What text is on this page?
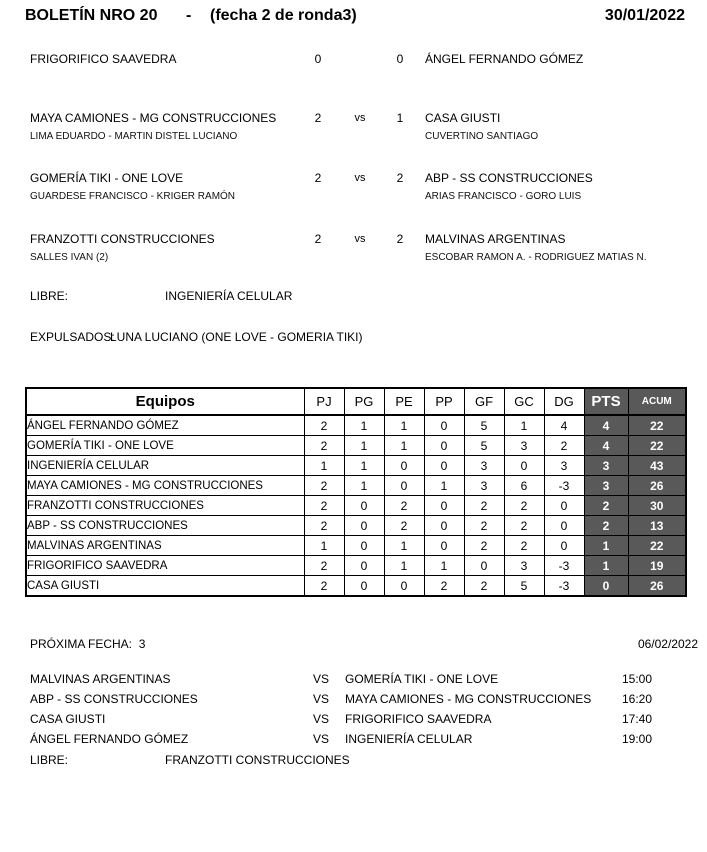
BOLETÍN NRO 20 - (fecha 2 de ronda3)	30/01/2022
FRIGORIFICO SAAVEDRA	0	0	ÁNGEL FERNANDO GÓMEZ
MAYA CAMIONES - MG CONSTRUCCIONES	2	vs	1	CASA GIUSTI
LIMA EDUARDO - MARTIN DISTEL LUCIANO	CUVERTINO SANTIAGO
GOMERÍA TIKI - ONE LOVE	2	vs	2	ABP - SS CONSTRUCCIONES
GUARDESE FRANCISCO - KRIGER RAMÓN	ARIAS FRANCISCO - GORO LUIS
FRANZOTTI CONSTRUCCIONES	2	vs	2	MALVINAS ARGENTINAS
SALLES IVAN (2)	ESCOBAR RAMON A. - RODRIGUEZ MATIAS N.
LIBRE:	INGENIERÍA CELULAR
EXPULSADOS:
LUNA LUCIANO (ONE LOVE - GOMERIA TIKI)
Equipos	PJ	PG	PE	PP	GF	GC	DG	PTS	ACUM
ÁNGEL FERNANDO GÓMEZ	2	1	1	0	5	1	4	4	22
GOMERÍA TIKI - ONE LOVE	2	1	1	0	5	3	2	4	22
INGENIERÍA CELULAR	1	1	0	0	3	0	3	3	43
MAYA CAMIONES - MG CONSTRUCCIONES	2	1	0	1	3	6	-3	3	26
FRANZOTTI CONSTRUCCIONES	2	0	2	0	2	2	0	2	30
ABP - SS CONSTRUCCIONES	2	0	2	0	2	2	0	2	13
MALVINAS ARGENTINAS	1	0	1	0	2	2	0	1	22
FRIGORIFICO SAAVEDRA	2	0	1	1	0	3	-3	1	19
CASA GIUSTI	2	0	0	2	2	5	-3	0	26
PRÓXIMA FECHA: 3	06/02/2022
MALVINAS ARGENTINAS	VS	GOMERÍA TIKI - ONE LOVE	15:00
ABP - SS CONSTRUCCIONES	VS	MAYA CAMIONES - MG CONSTRUCCIONES	16:20
CASA GIUSTI	VS	FRIGORIFICO SAAVEDRA	17:40
ÁNGEL FERNANDO GÓMEZ	VS	INGENIERÍA CELULAR	19:00
LIBRE:	FRANZOTTI CONSTRUCCIONES
